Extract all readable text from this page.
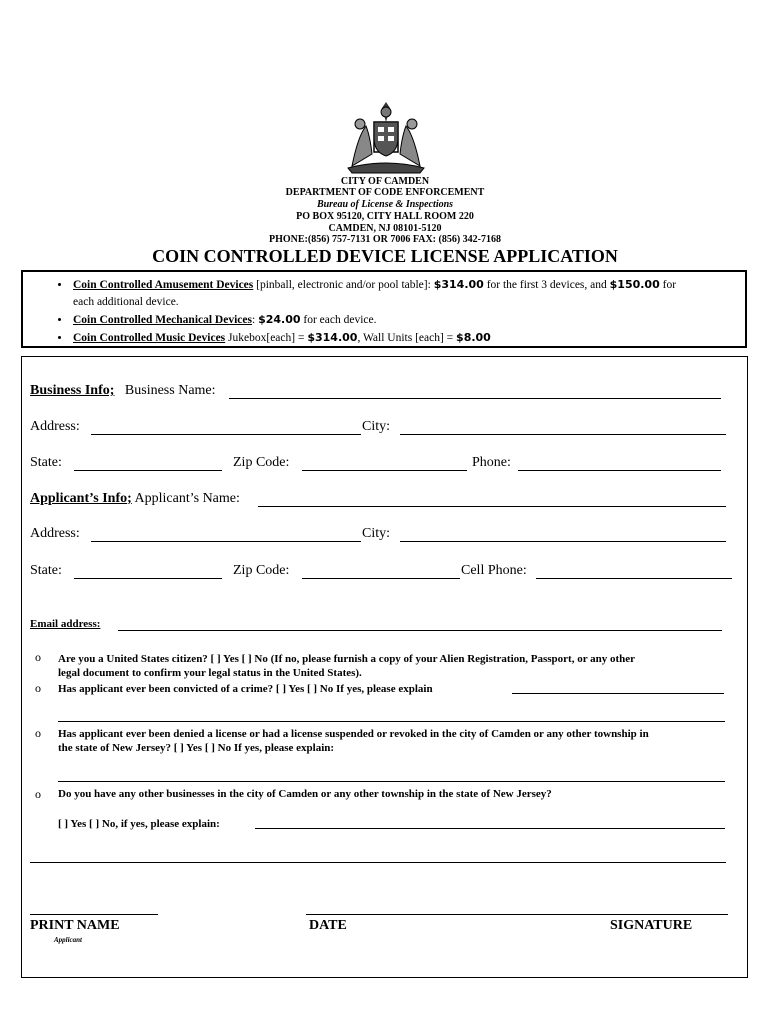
CITY OF CAMDEN
DEPARTMENT OF CODE ENFORCEMENT
Bureau of License & Inspections
PO BOX 95120, CITY HALL ROOM 220
CAMDEN, NJ 08101-5120
PHONE:(856) 757-7131 OR 7006 FAX: (856) 342-7168
COIN CONTROLLED DEVICE LICENSE APPLICATION
• Coin Controlled Amusement Devices [pinball, electronic and/or pool table]: $314.00 for the first 3 devices, and $150.00 for
each additional device.
• Coin Controlled Mechanical Devices: $24.00 for each device.
• Coin Controlled Music Devices Jukebox[each] = $314.00, Wall Units [each] = $8.00
Business Info; Business Name:
Address:	City:
State:	Zip Code:	Phone:
Applicant’s Info; Applicant’s Name:
Address:	City:
State:	Zip Code:	Cell Phone:
Email address:
o Are you a United States citizen? [ ] Yes [ ] No (If no, please furnish a copy of your Alien Registration, Passport, or any other
legal document to confirm your legal status in the United States).
o Has applicant ever been convicted of a crime? [ ] Yes [ ] No If yes, please explain
o Has applicant ever been denied a license or had a license suspended or revoked in the city of Camden or any other township in
the state of New Jersey? [ ] Yes [ ] No If yes, please explain:
o Do you have any other businesses in the city of Camden or any other township in the state of New Jersey?
[ ] Yes [ ] No, if yes, please explain:
PRINT NAME
Applicant
DATE	SIGNATURE
